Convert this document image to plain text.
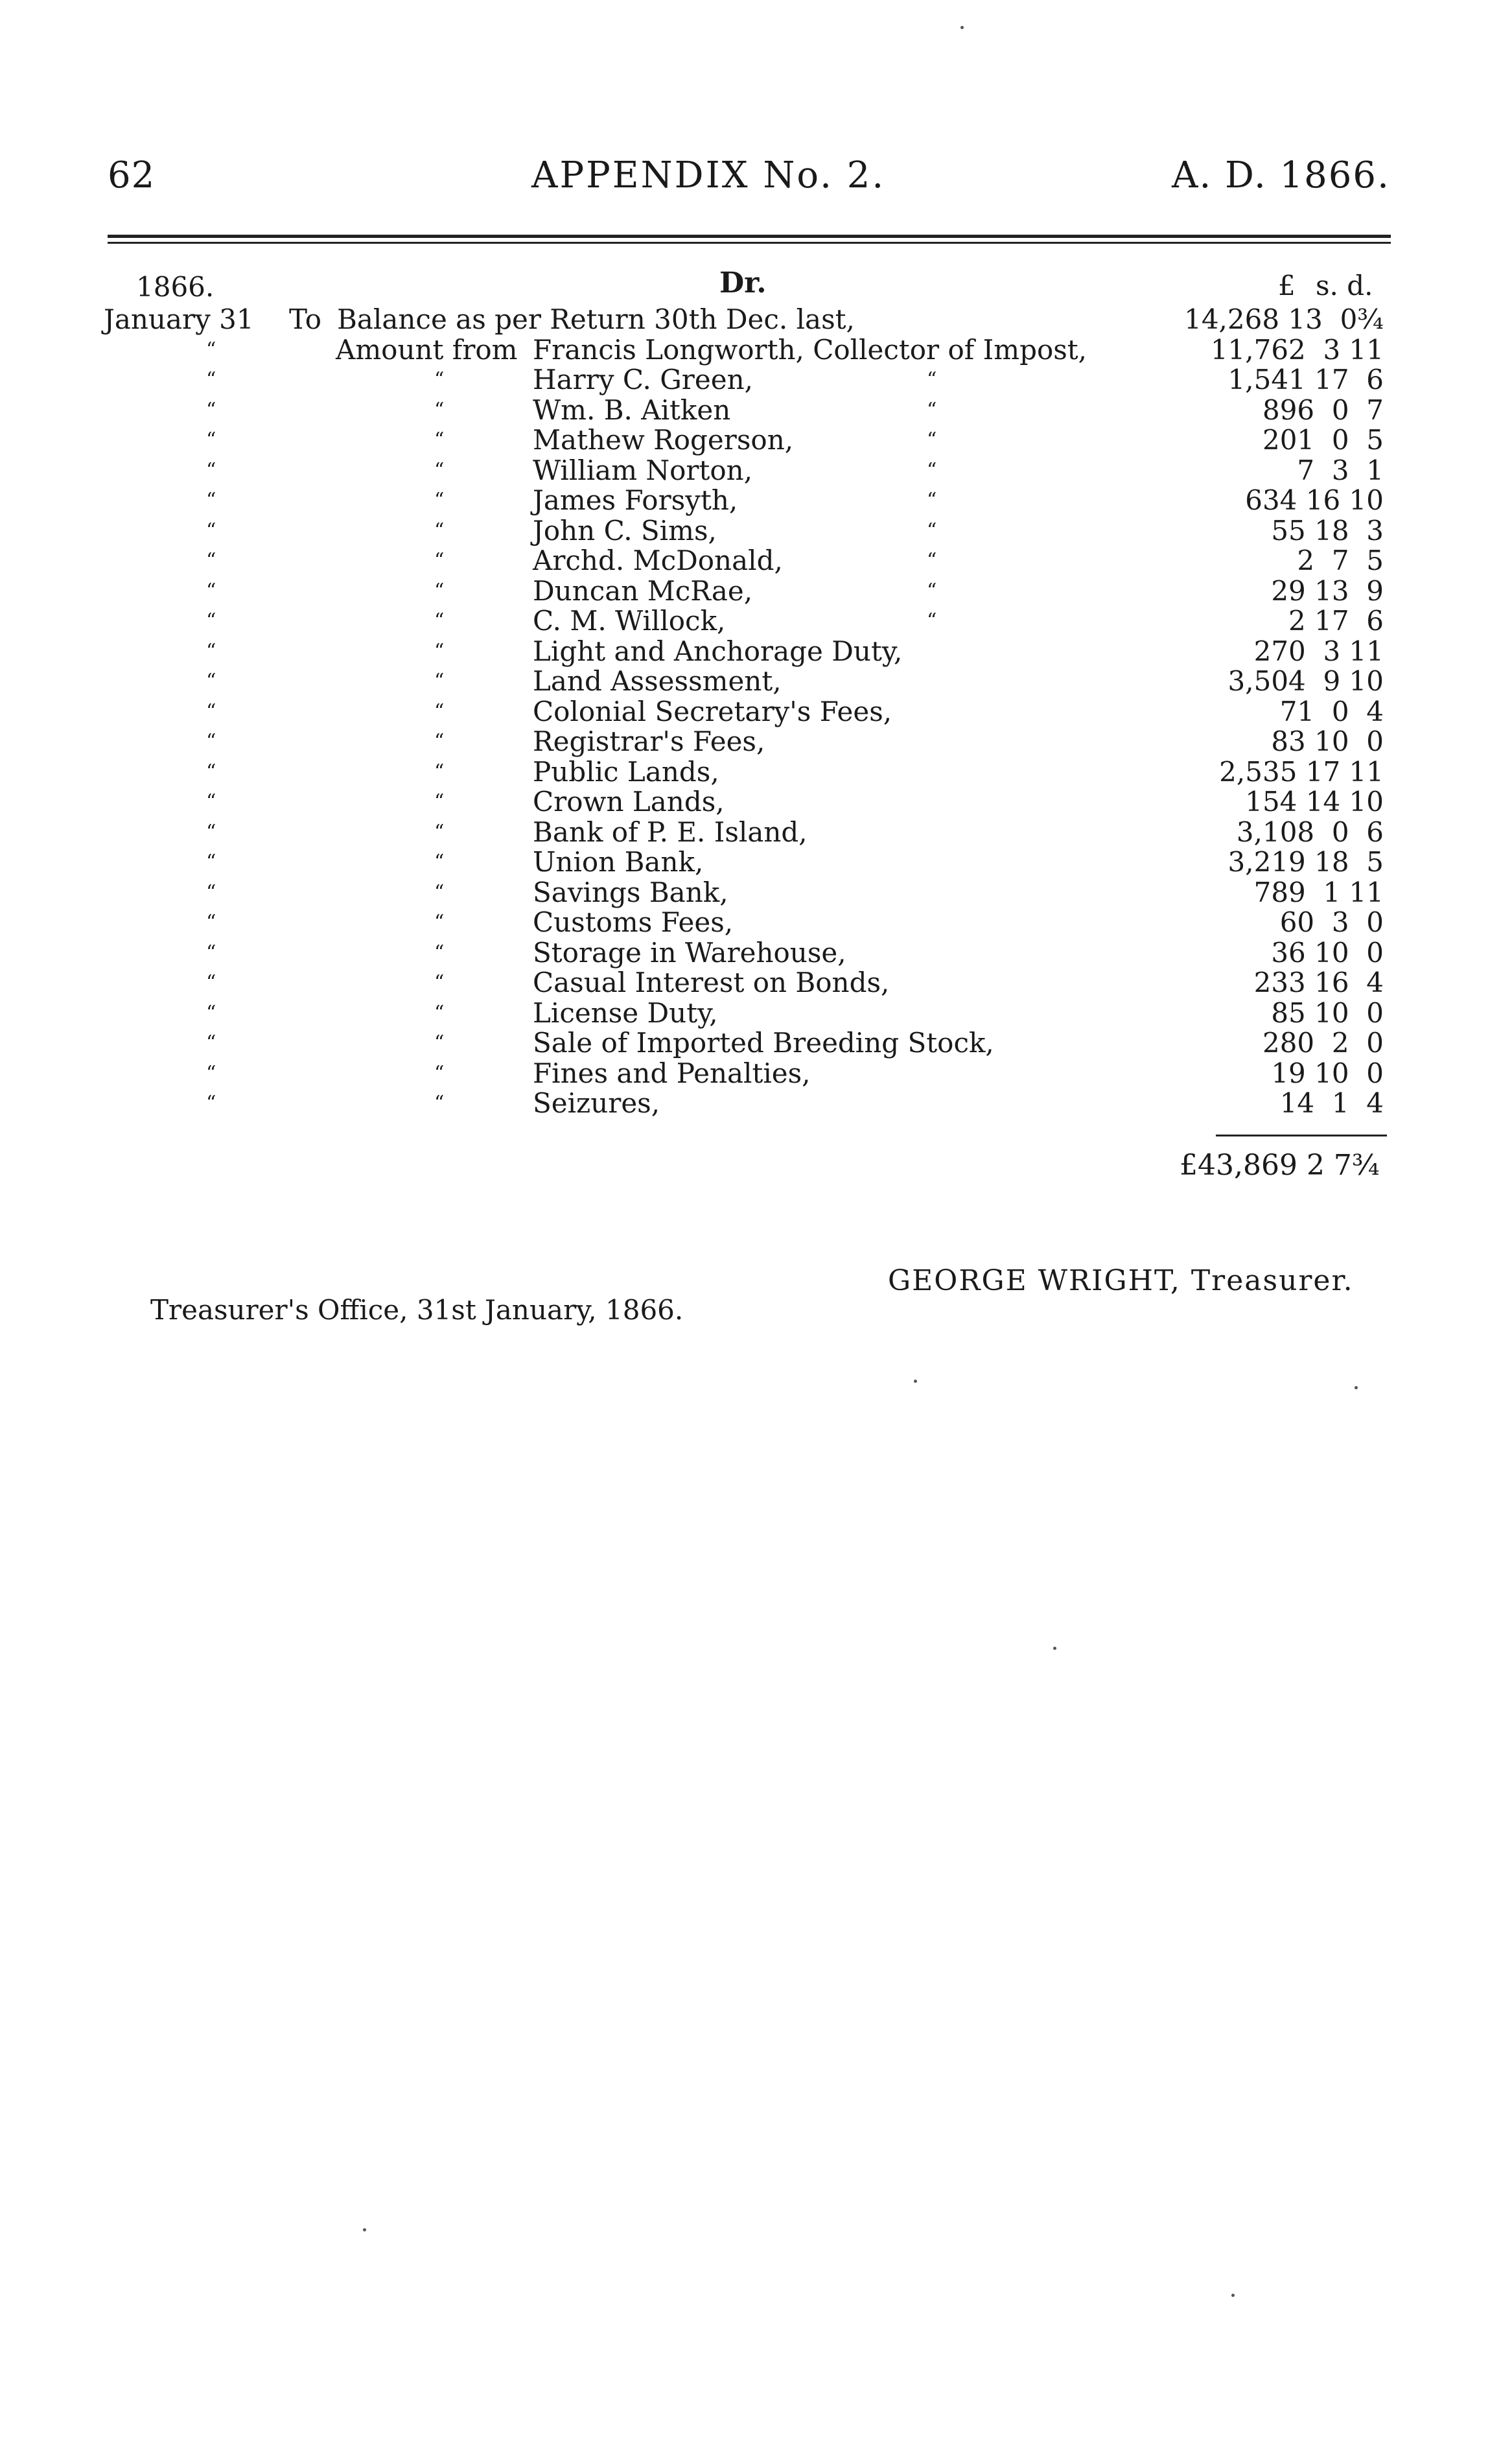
62	APPENDIX No. 2.	A. D. 1866.
1866.	Dr.	£ s. d.
January 31 To Balance as per Return 30th Dec. last,	14,268 13  0¾
“	Amount from Francis Longworth, Collector of Impost,	11,762  3 11
“	“	Harry C. Green,	“	1,541 17  6
“	“	Wm. B. Aitken	“	896  0  7
“	“	Mathew Rogerson,	“	201  0  5
“	“	William Norton,	“	7  3  1
“	“	James Forsyth,	“	634 16 10
“	“	John C. Sims,	“	55 18  3
“	“	Archd. McDonald,	“	2  7  5
“	“	Duncan McRae,	“	29 13  9
“	“	C. M. Willock,	“	2 17  6
“	“	Light and Anchorage Duty,	270  3 11
“	“	Land Assessment,	3,504  9 10
“	“	Colonial Secretary's Fees,	71  0  4
“	“	Registrar's Fees,	83 10  0
“	“	Public Lands,	2,535 17 11
“	“	Crown Lands,	154 14 10
“	“	Bank of P. E. Island,	3,108  0  6
“	“	Union Bank,	3,219 18  5
“	“	Savings Bank,	789  1 11
“	“	Customs Fees,	60  3  0
“	“	Storage in Warehouse,	36 10  0
“	“	Casual Interest on Bonds,	233 16  4
“	“	License Duty,	85 10  0
“	“	Sale of Imported Breeding Stock,	280  2  0
“	“	Fines and Penalties,	19 10  0
“	“	Seizures,	14  1  4
£43,869 2 7¾
GEORGE WRIGHT, Treasurer.
Treasurer's Office, 31st January, 1866.
